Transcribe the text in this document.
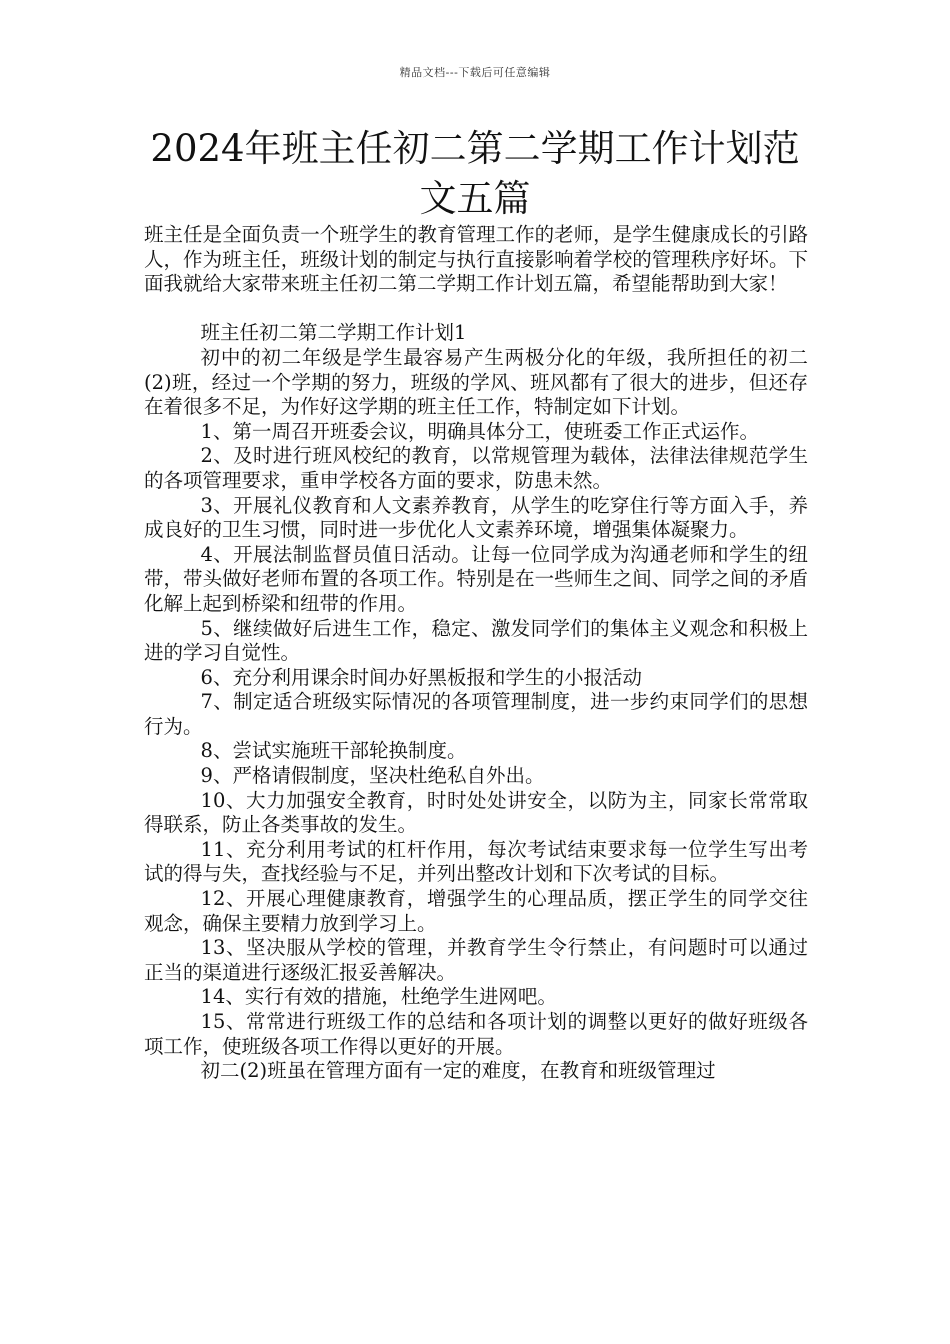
精品文档---下载后可任意编辑
2024年班主任初二第二学期工作计划范文五篇

班主任是全面负责一个班学生的教育管理工作的老师，是学生健康成长的引路人，作为班主任，班级计划的制定与执行直接影响着学校的管理秩序好坏。下面我就给大家带来班主任初二第二学期工作计划五篇，希望能帮助到大家！

班主任初二第二学期工作计划1

初中的初二年级是学生最容易产生两极分化的年级，我所担任的初二(2)班，经过一个学期的努力，班级的学风、班风都有了很大的进步，但还存在着很多不足，为作好这学期的班主任工作，特制定如下计划。

1、第一周召开班委会议，明确具体分工，使班委工作正式运作。

2、及时进行班风校纪的教育，以常规管理为载体，法律法律规范学生的各项管理要求，重申学校各方面的要求，防患未然。

3、开展礼仪教育和人文素养教育，从学生的吃穿住行等方面入手，养成良好的卫生习惯，同时进一步优化人文素养环境，增强集体凝聚力。

4、开展法制监督员值日活动。让每一位同学成为沟通老师和学生的纽带，带头做好老师布置的各项工作。特别是在一些师生之间、同学之间的矛盾化解上起到桥梁和纽带的作用。

5、继续做好后进生工作，稳定、激发同学们的集体主义观念和积极上进的学习自觉性。

6、充分利用课余时间办好黑板报和学生的小报活动

7、制定适合班级实际情况的各项管理制度，进一步约束同学们的思想行为。

8、尝试实施班干部轮换制度。

9、严格请假制度，坚决杜绝私自外出。

10、大力加强安全教育，时时处处讲安全，以防为主，同家长常常取得联系，防止各类事故的发生。

11、充分利用考试的杠杆作用，每次考试结束要求每一位学生写出考试的得与失，查找经验与不足，并列出整改计划和下次考试的目标。

12、开展心理健康教育，增强学生的心理品质，摆正学生的同学交往观念，确保主要精力放到学习上。

13、坚决服从学校的管理，并教育学生令行禁止，有问题时可以通过正当的渠道进行逐级汇报妥善解决。

14、实行有效的措施，杜绝学生进网吧。

15、常常进行班级工作的总结和各项计划的调整以更好的做好班级各项工作，使班级各项工作得以更好的开展。

初二(2)班虽在管理方面有一定的难度，在教育和班级管理过
